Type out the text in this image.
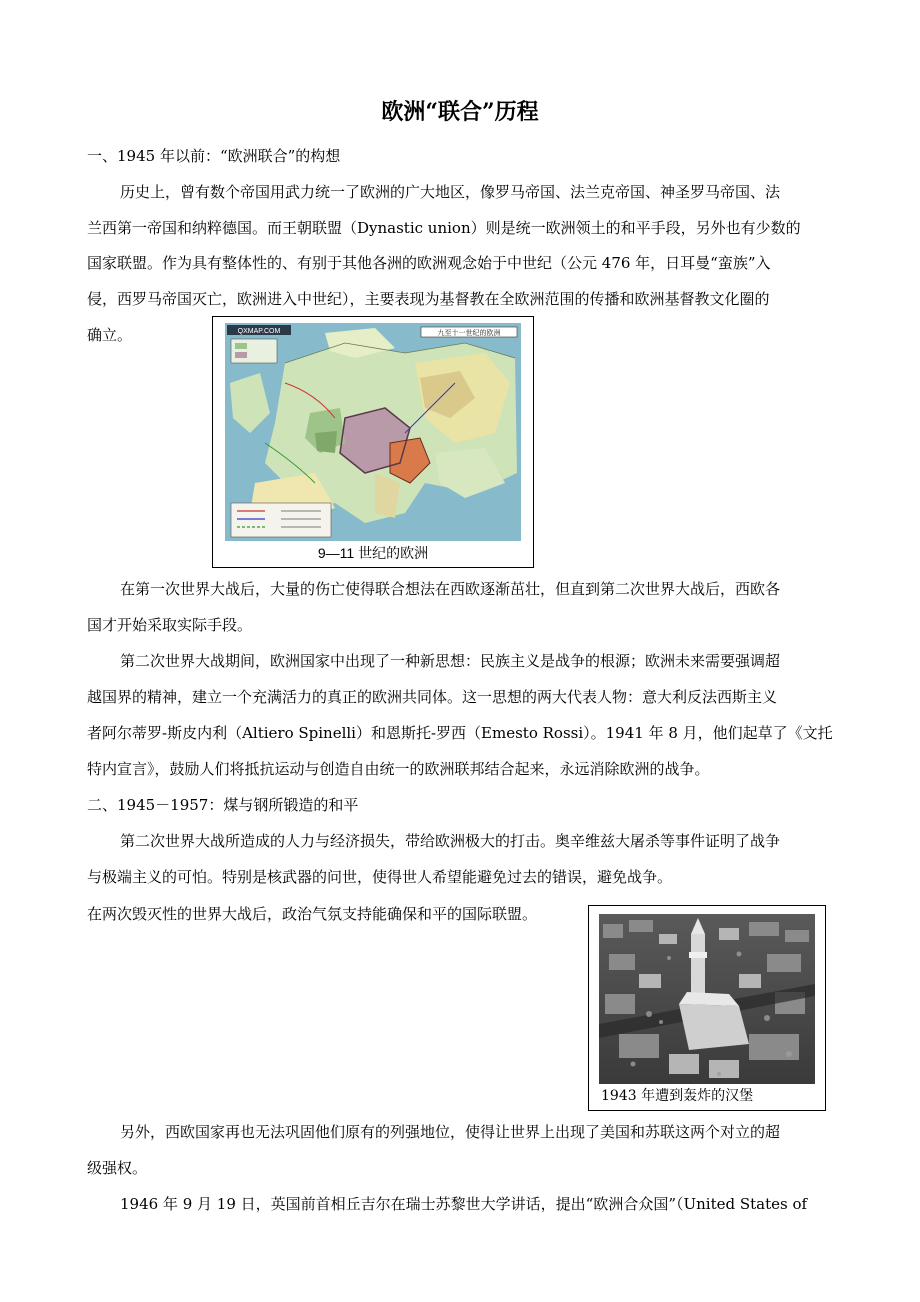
欧洲“联合”历程
一、1945 年以前：“欧洲联合”的构想
历史上，曾有数个帝国用武力统一了欧洲的广大地区，像罗马帝国、法兰克帝国、神圣罗马帝国、法
兰西第一帝国和纳粹德国。而王朝联盟（Dynastic union）则是统一欧洲领土的和平手段，另外也有少数的
国家联盟。作为具有整体性的、有别于其他各洲的欧洲观念始于中世纪（公元 476 年，日耳曼“蛮族”入
侵，西罗马帝国灭亡，欧洲进入中世纪），主要表现为基督教在全欧洲范围的传播和欧洲基督教文化圈的
确立。	QXMAP.COM	九至十一世纪的欧洲
9—11 世纪的欧洲
在第一次世界大战后，大量的伤亡使得联合想法在西欧逐渐茁壮，但直到第二次世界大战后，西欧各
国才开始采取实际手段。
第二次世界大战期间，欧洲国家中出现了一种新思想：民族主义是战争的根源；欧洲未来需要强调超
越国界的精神，建立一个充满活力的真正的欧洲共同体。这一思想的两大代表人物：意大利反法西斯主义
者阿尔蒂罗-斯皮内利（Altiero Spinelli）和恩斯托-罗西（Emesto Rossi）。1941 年 8 月，他们起草了《文托
特内宣言》，鼓励人们将抵抗运动与创造自由统一的欧洲联邦结合起来，永远消除欧洲的战争。
二、1945－1957：煤与钢所锻造的和平
第二次世界大战所造成的人力与经济损失，带给欧洲极大的打击。奥辛维兹大屠杀等事件证明了战争
与极端主义的可怕。特别是核武器的问世，使得世人希望能避免过去的错误，避免战争。
在两次毁灭性的世界大战后，政治气氛支持能确保和平的国际联盟。
1943 年遭到轰炸的汉堡
另外，西欧国家再也无法巩固他们原有的列强地位，使得让世界上出现了美国和苏联这两个对立的超
级强权。
1946 年 9 月 19 日，英国前首相丘吉尔在瑞士苏黎世大学讲话，提出“欧洲合众国”（United States of
